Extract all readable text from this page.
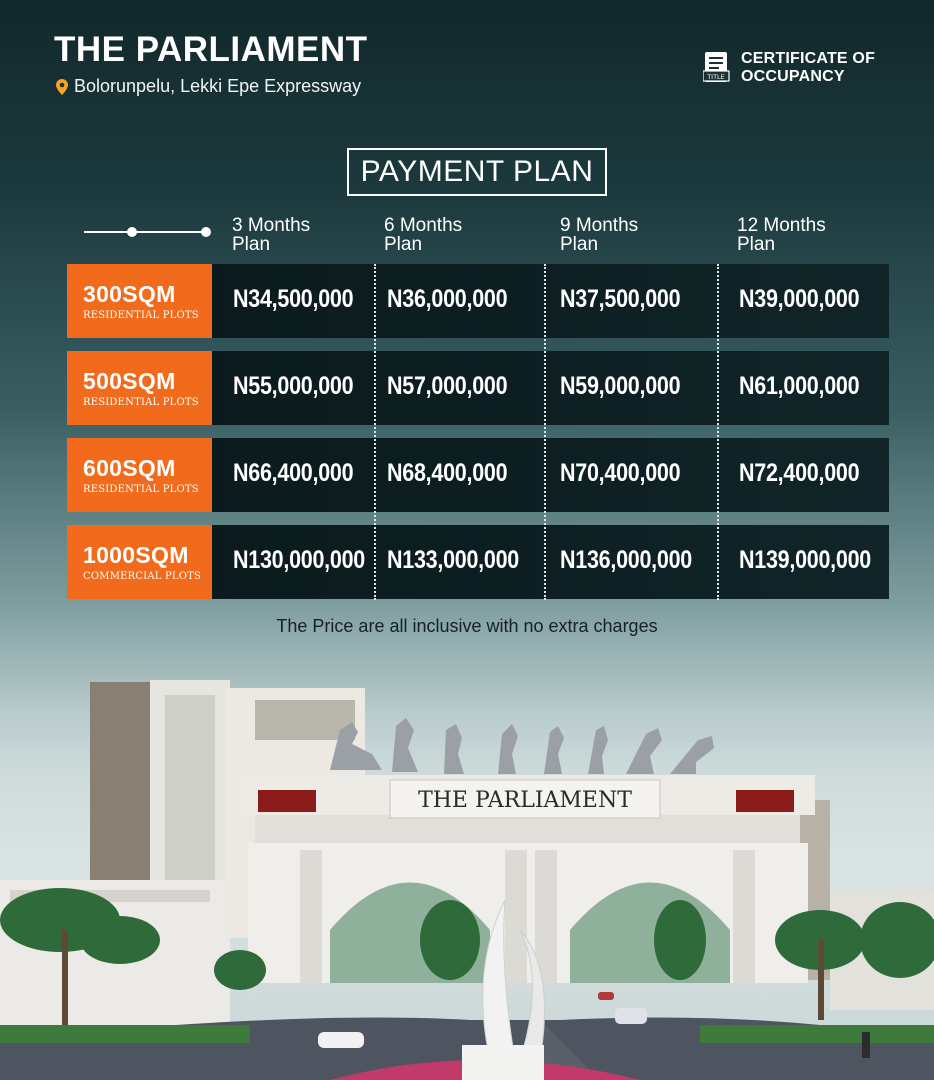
THE PARLIAMENT
Bolorunpelu, Lekki Epe Expressway	TITLE
CERTIFICATE OF
OCCUPANCY
PAYMENT PLAN
3 Months
Plan
6 Months
Plan
9 Months
Plan
12 Months
Plan
300SQM
RESIDENTIAL PLOTS
N34,500,000 N36,000,000 N37,500,000 N39,000,000
500SQM
RESIDENTIAL PLOTS
N55,000,000 N57,000,000 N59,000,000 N61,000,000
600SQM
RESIDENTIAL PLOTS
N66,400,000 N68,400,000 N70,400,000 N72,400,000
1000SQM
COMMERCIAL PLOTS
N130,000,000 N133,000,000 N136,000,000 N139,000,000
The Price are all inclusive with no extra charges
THE PARLIAMENT
